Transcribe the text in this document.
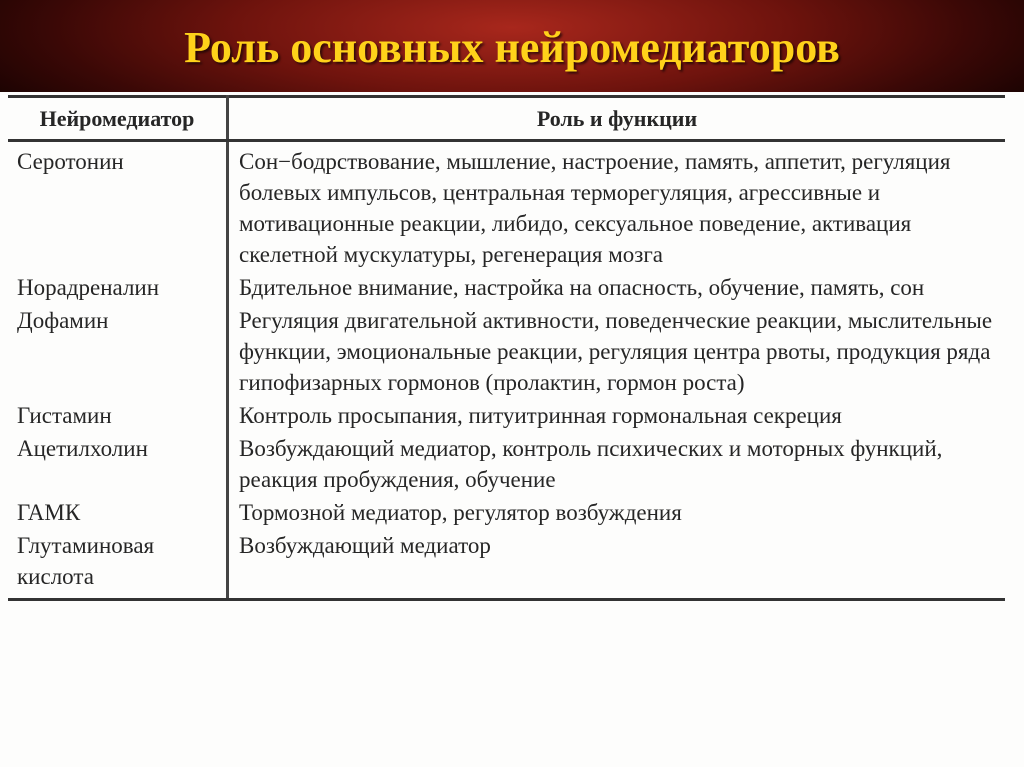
Роль основных нейромедиаторов
Нейромедиатор	Роль и функции
Серотонин	Сон−бодрствование, мышление, настроение, память, аппетит, регуляция болевых импульсов, центральная терморегуляция, агрессивные и мотивационные реакции, либидо, сексуальное поведение, активация скелетной мускулатуры, регенерация мозга
Норадреналин	Бдительное внимание, настройка на опасность, обучение, память, сон
Дофамин	Регуляция двигательной активности, поведенческие реакции, мыслительные функции, эмоциональные реакции, регуляция центра рвоты, продукция ряда гипофизарных гормонов (пролактин, гормон роста)
Гистамин	Контроль просыпания, питуитринная гормональная секреция
Ацетилхолин	Возбуждающий медиатор, контроль психических и моторных функций, реакция пробуждения, обучение
ГАМК	Тормозной медиатор, регулятор возбуждения
Глутаминовая кислота	Возбуждающий медиатор
